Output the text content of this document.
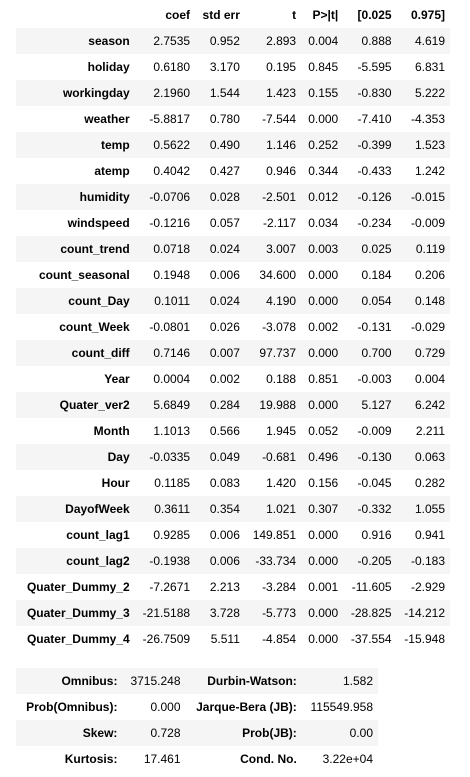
	coef	std err	t	P>|t|	[0.025	0.975]
season	2.7535	0.952	2.893	0.004	0.888	4.619
holiday	0.6180	3.170	0.195	0.845	-5.595	6.831
workingday	2.1960	1.544	1.423	0.155	-0.830	5.222
weather	-5.8817	0.780	-7.544	0.000	-7.410	-4.353
temp	0.5622	0.490	1.146	0.252	-0.399	1.523
atemp	0.4042	0.427	0.946	0.344	-0.433	1.242
humidity	-0.0706	0.028	-2.501	0.012	-0.126	-0.015
windspeed	-0.1216	0.057	-2.117	0.034	-0.234	-0.009
count_trend	0.0718	0.024	3.007	0.003	0.025	0.119
count_seasonal	0.1948	0.006	34.600	0.000	0.184	0.206
count_Day	0.1011	0.024	4.190	0.000	0.054	0.148
count_Week	-0.0801	0.026	-3.078	0.002	-0.131	-0.029
count_diff	0.7146	0.007	97.737	0.000	0.700	0.729
Year	0.0004	0.002	0.188	0.851	-0.003	0.004
Quater_ver2	5.6849	0.284	19.988	0.000	5.127	6.242
Month	1.1013	0.566	1.945	0.052	-0.009	2.211
Day	-0.0335	0.049	-0.681	0.496	-0.130	0.063
Hour	0.1185	0.083	1.420	0.156	-0.045	0.282
DayofWeek	0.3611	0.354	1.021	0.307	-0.332	1.055
count_lag1	0.9285	0.006	149.851	0.000	0.916	0.941
count_lag2	-0.1938	0.006	-33.734	0.000	-0.205	-0.183
Quater_Dummy_2	-7.2671	2.213	-3.284	0.001	-11.605	-2.929
Quater_Dummy_3	-21.5188	3.728	-5.773	0.000	-28.825	-14.212
Quater_Dummy_4	-26.7509	5.511	-4.854	0.000	-37.554	-15.948
Omnibus:	3715.248	Durbin-Watson:	1.582
Prob(Omnibus):	0.000	Jarque-Bera (JB):	115549.958
Skew:	0.728	Prob(JB):	0.00
Kurtosis:	17.461	Cond. No.	3.22e+04
